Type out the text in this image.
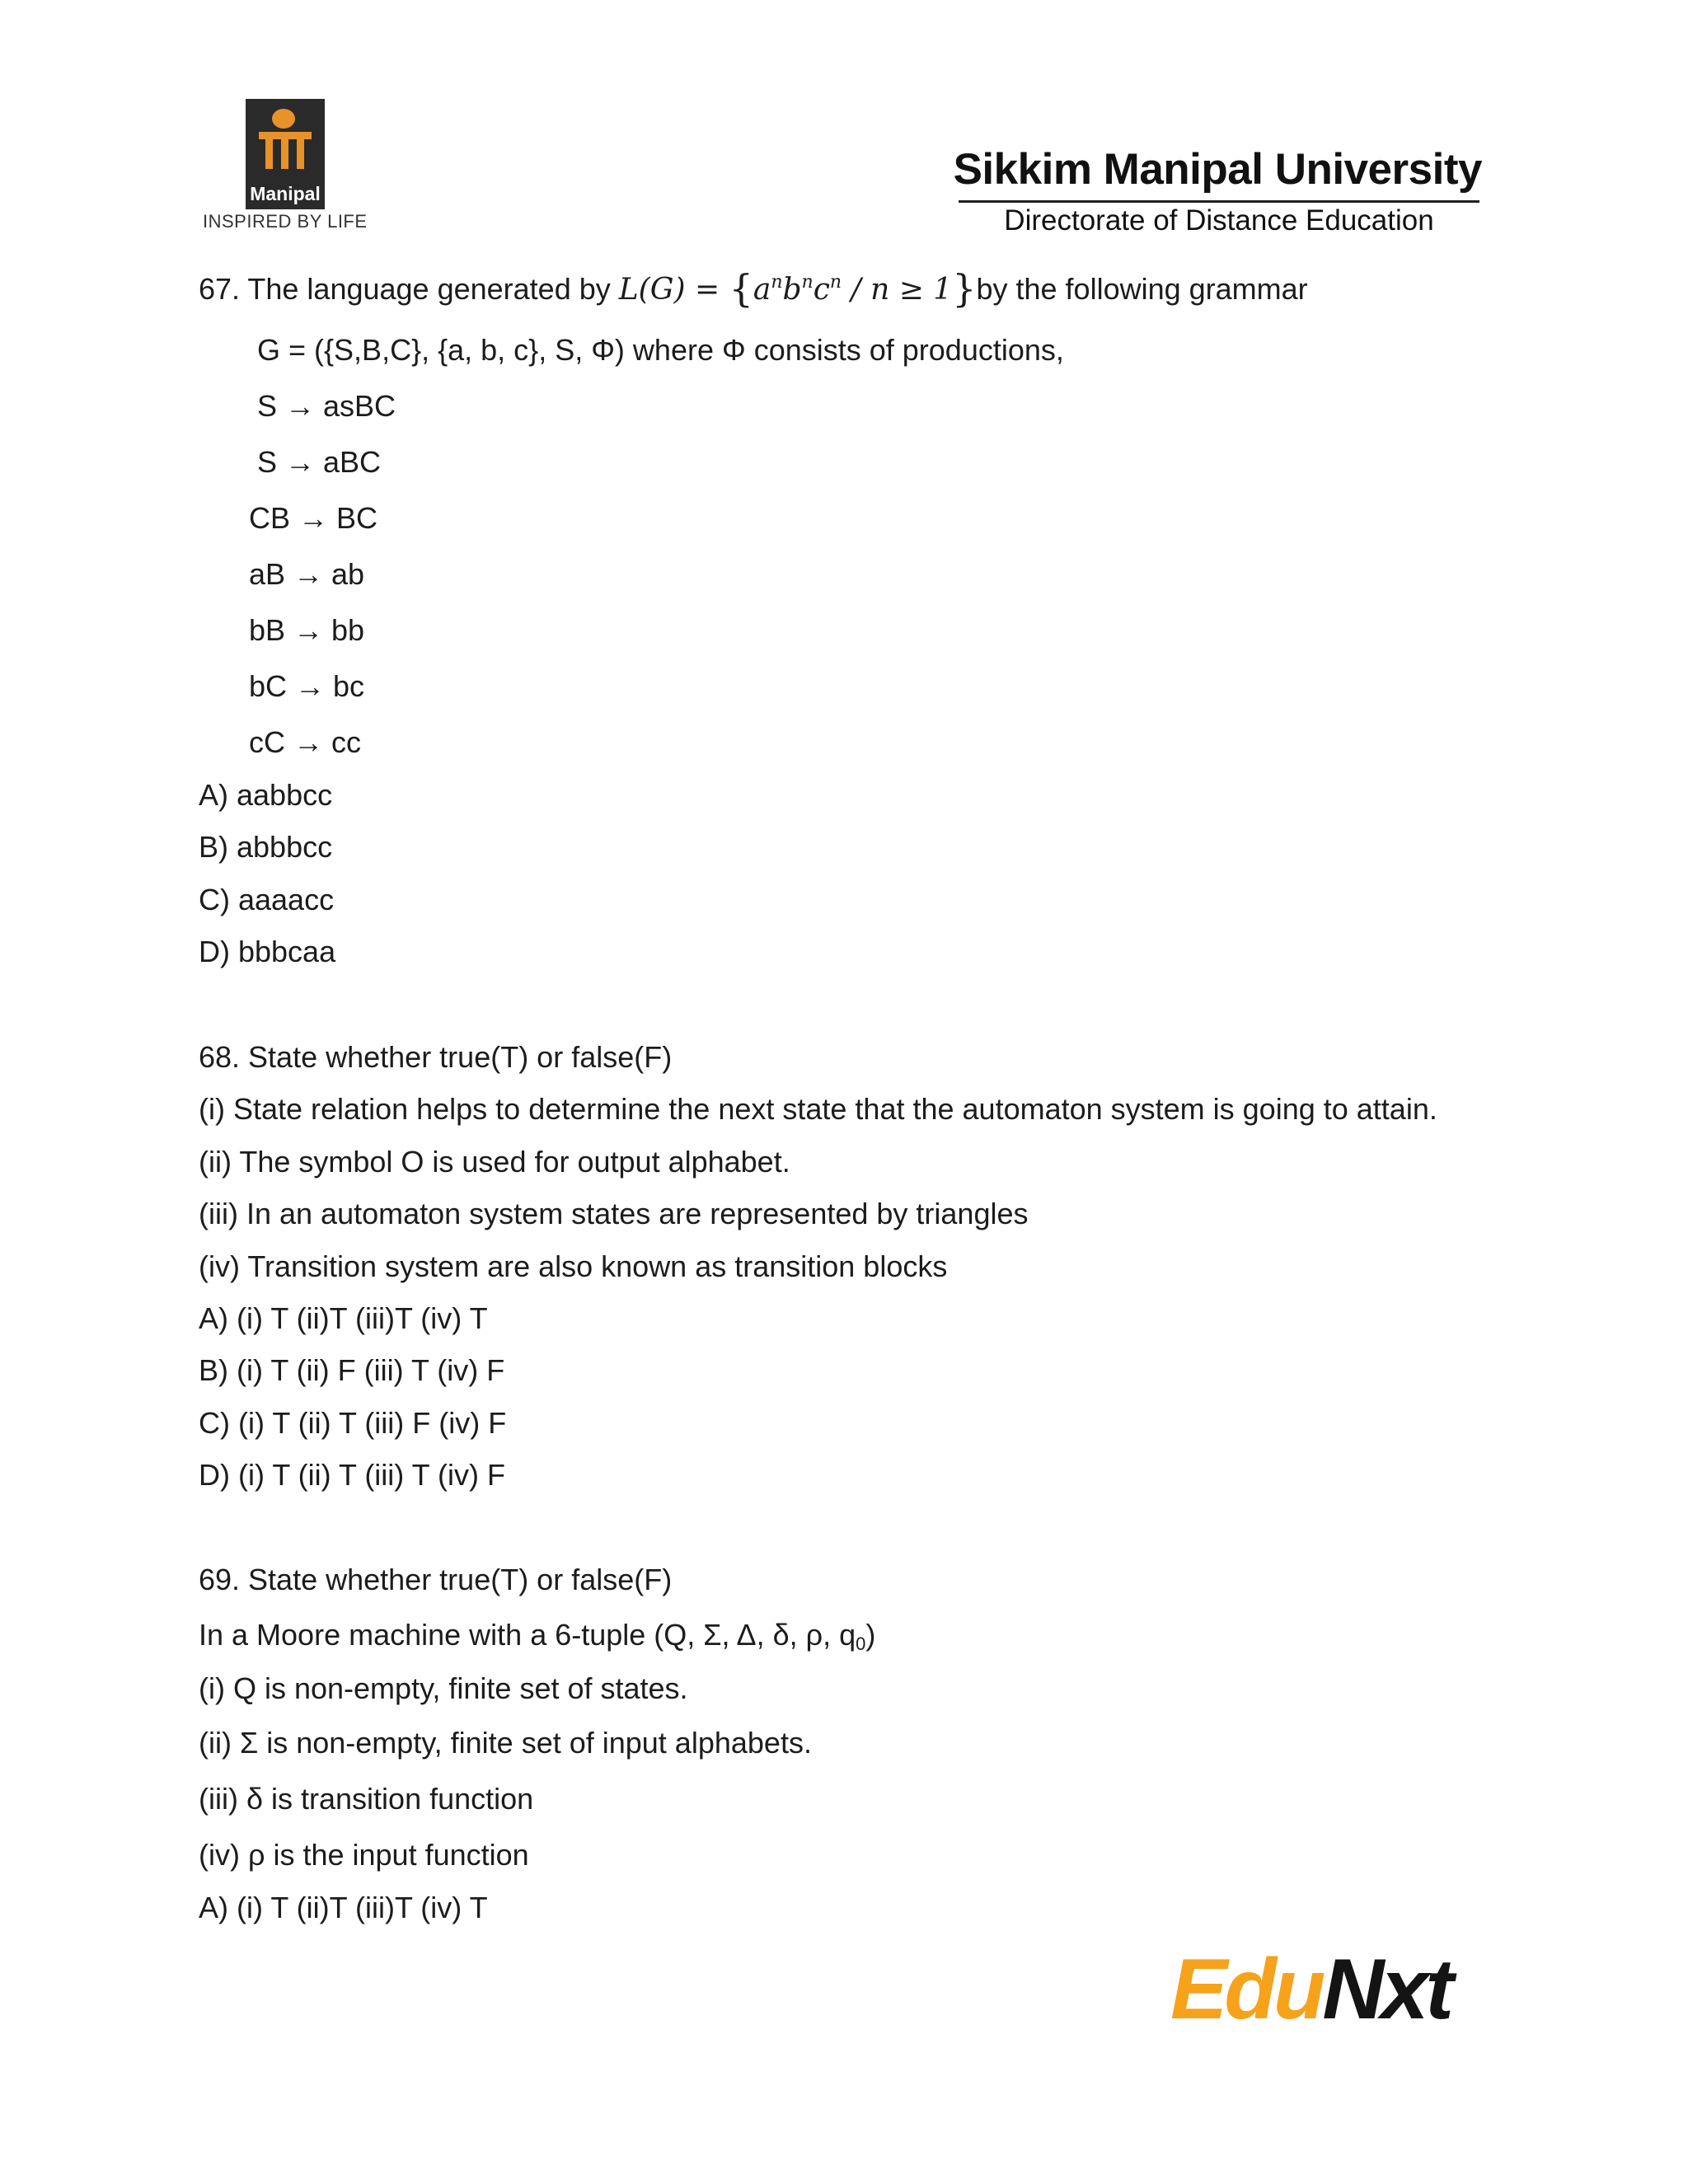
Manipal
INSPIRED BY LIFE
Sikkim Manipal University
Directorate of Distance Education
67. The language generated by $L(G) = \{a^nb^nc^n / n \ge 1\}by$ the following grammar
G = ({S,B,C}, {a, b, c}, S, Φ) where Φ consists of productions,
S → asBC
S → aBC
CB → BC
aB → ab
bB → bb
bC → bc
cC → cc
A) aabbcc
B) abbbcc
C) aaaacc
D) bbbcaa
68. State whether true(T) or false(F)
(i) State relation helps to determine the next state that the automaton system is going to attain.
(ii) The symbol O is used for output alphabet.
(iii) In an automaton system states are represented by triangles
(iv) Transition system are also known as transition blocks
A) (i) T (ii)T (iii)T (iv) T
B) (i) T (ii) F (iii) T (iv) F
C) (i) T (ii) T (iii) F (iv) F
D) (i) T (ii) T (iii) T (iv) F
69. State whether true(T) or false(F)
In a Moore machine with a 6-tuple (Q, Σ, Δ, δ, ρ, $q_0$)
(i) Q is non-empty, finite set of states.
(ii) Σ is non-empty, finite set of input alphabets.
(iii) δ is transition function
(iv) ρ is the input function
A) (i) T (ii)T (iii)T (iv) T
EduNxt
